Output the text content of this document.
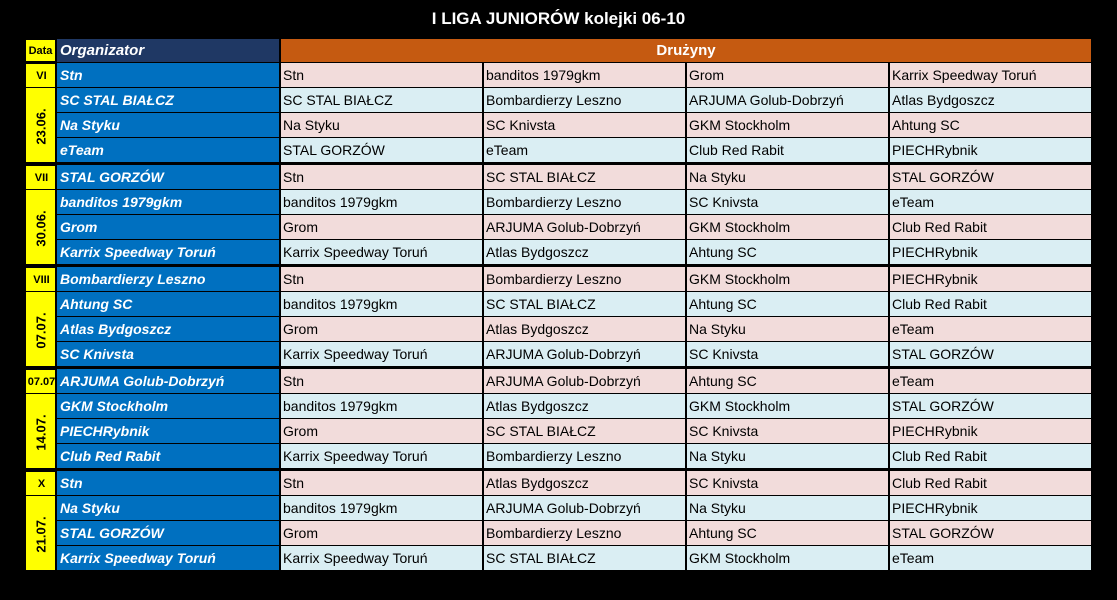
I LIGA JUNIORÓW kolejki 06-10
Data Organizator	Drużyny
VI
23.06.
Stn	Stn	banditos 1979gkm	Grom	Karrix Speedway Toruń
SC STAL BIAŁCZ	SC STAL BIAŁCZ	Bombardierzy Leszno	ARJUMA Golub-Dobrzyń	Atlas Bydgoszcz
Na Styku	Na Styku	SC Knivsta	GKM Stockholm	Ahtung SC
eTeam	STAL GORZÓW	eTeam	Club Red Rabit	PIECHRybnik
VII
30.06.
STAL GORZÓW	Stn	SC STAL BIAŁCZ	Na Styku	STAL GORZÓW
banditos 1979gkm	banditos 1979gkm	Bombardierzy Leszno	SC Knivsta	eTeam
Grom	Grom	ARJUMA Golub-Dobrzyń	GKM Stockholm	Club Red Rabit
Karrix Speedway Toruń	Karrix Speedway Toruń	Atlas Bydgoszcz	Ahtung SC	PIECHRybnik
VIII
07.07.
Bombardierzy Leszno	Stn	Bombardierzy Leszno	GKM Stockholm	PIECHRybnik
Ahtung SC	banditos 1979gkm	SC STAL BIAŁCZ	Ahtung SC	Club Red Rabit
Atlas Bydgoszcz	Grom	Atlas Bydgoszcz	Na Styku	eTeam
SC Knivsta	Karrix Speedway Toruń	ARJUMA Golub-Dobrzyń	SC Knivsta	STAL GORZÓW
07.07
14.07.
ARJUMA Golub-Dobrzyń	Stn	ARJUMA Golub-Dobrzyń	Ahtung SC	eTeam
GKM Stockholm	banditos 1979gkm	Atlas Bydgoszcz	GKM Stockholm	STAL GORZÓW
PIECHRybnik	Grom	SC STAL BIAŁCZ	SC Knivsta	PIECHRybnik
Club Red Rabit	Karrix Speedway Toruń	Bombardierzy Leszno	Na Styku	Club Red Rabit
X
21.07.
Stn	Stn	Atlas Bydgoszcz	SC Knivsta	Club Red Rabit
Na Styku	banditos 1979gkm	ARJUMA Golub-Dobrzyń	Na Styku	PIECHRybnik
STAL GORZÓW	Grom	Bombardierzy Leszno	Ahtung SC	STAL GORZÓW
Karrix Speedway Toruń	Karrix Speedway Toruń	SC STAL BIAŁCZ	GKM Stockholm	eTeam
